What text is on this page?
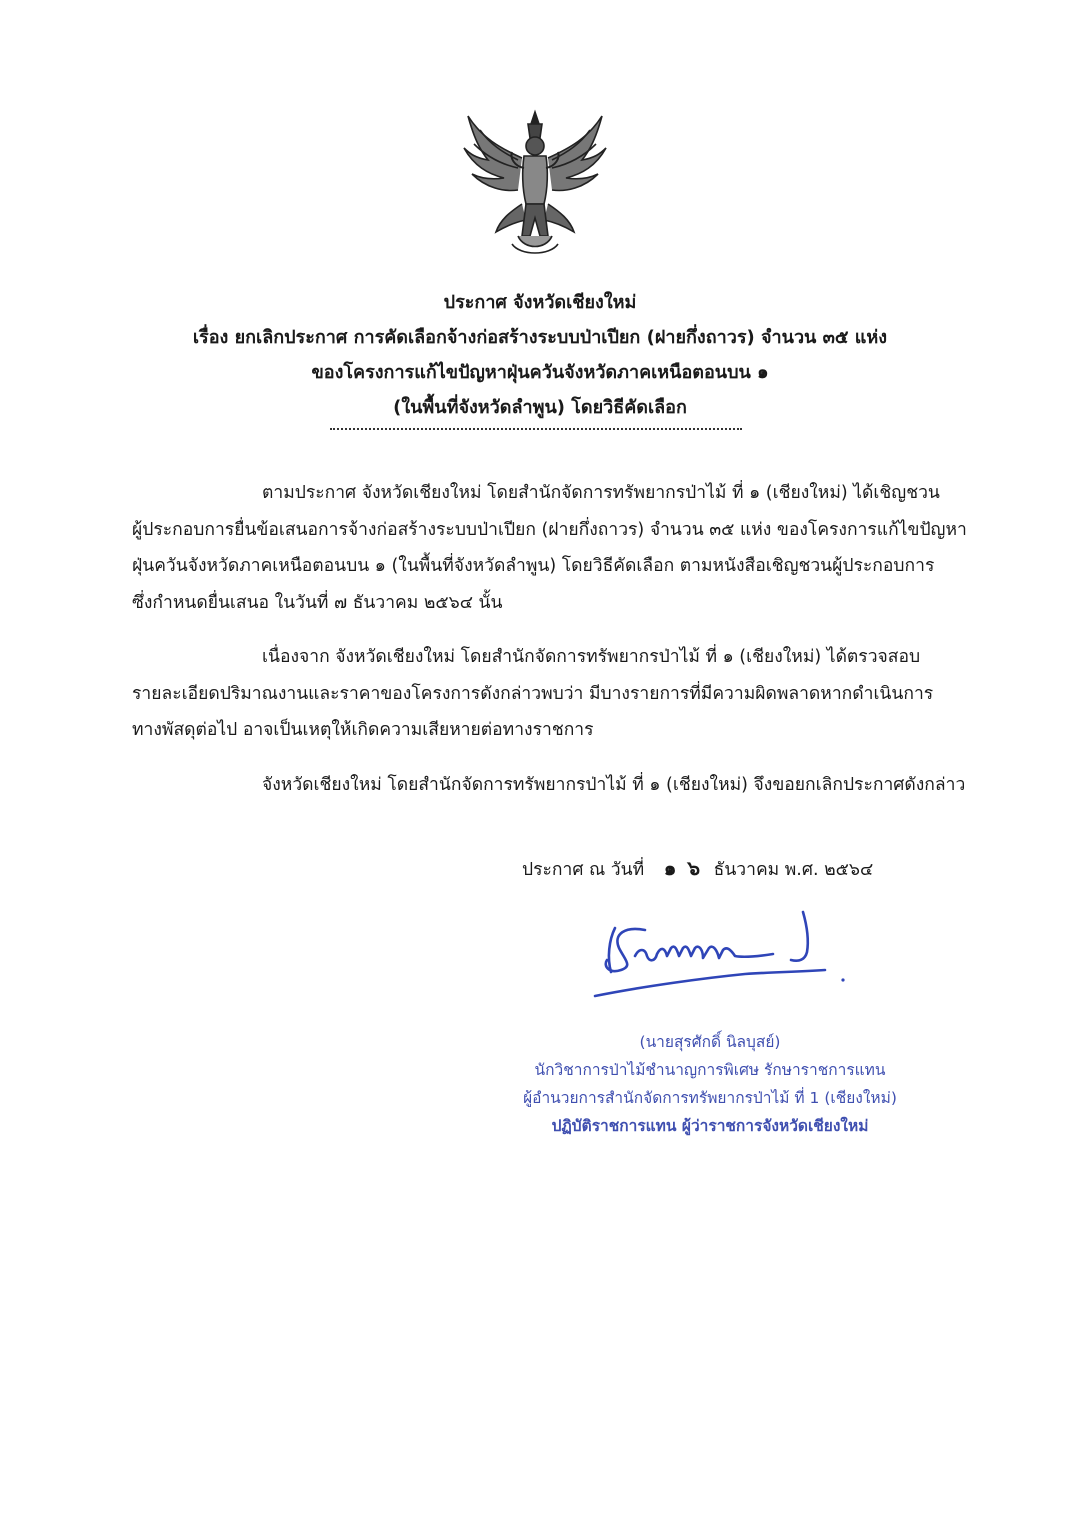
ประกาศ จังหวัดเชียงใหม่
เรื่อง ยกเลิกประกาศ การคัดเลือกจ้างก่อสร้างระบบป่าเปียก (ฝายกึ่งถาวร) จำนวน ๓๕ แห่ง
ของโครงการแก้ไขปัญหาฝุ่นควันจังหวัดภาคเหนือตอนบน ๑
(ในพื้นที่จังหวัดลำพูน) โดยวิธีคัดเลือก
ตามประกาศ จังหวัดเชียงใหม่ โดยสำนักจัดการทรัพยากรป่าไม้ ที่ ๑ (เชียงใหม่) ได้เชิญชวน
ผู้ประกอบการยื่นข้อเสนอการจ้างก่อสร้างระบบป่าเปียก (ฝายกึ่งถาวร) จำนวน ๓๕ แห่ง ของโครงการแก้ไขปัญหา
ฝุ่นควันจังหวัดภาคเหนือตอนบน ๑ (ในพื้นที่จังหวัดลำพูน) โดยวิธีคัดเลือก ตามหนังสือเชิญชวนผู้ประกอบการ
ซึ่งกำหนดยื่นเสนอ ในวันที่ ๗ ธันวาคม ๒๕๖๔ นั้น
เนื่องจาก จังหวัดเชียงใหม่ โดยสำนักจัดการทรัพยากรป่าไม้ ที่ ๑ (เชียงใหม่) ได้ตรวจสอบ
รายละเอียดปริมาณงานและราคาของโครงการดังกล่าวพบว่า มีบางรายการที่มีความผิดพลาดหากดำเนินการ
ทางพัสดุต่อไป อาจเป็นเหตุให้เกิดความเสียหายต่อทางราชการ
จังหวัดเชียงใหม่ โดยสำนักจัดการทรัพยากรป่าไม้ ที่ ๑ (เชียงใหม่) จึงขอยกเลิกประกาศดังกล่าว
ประกาศ ณ วันที่ ๑ ๖ ธันวาคม พ.ศ. ๒๕๖๔
(นายสุรศักดิ์ นิลบุสย์)
นักวิชาการป่าไม้ชำนาญการพิเศษ รักษาราชการแทน
ผู้อำนวยการสำนักจัดการทรัพยากรป่าไม้ ที่ 1 (เชียงใหม่)
ปฏิบัติราชการแทน ผู้ว่าราชการจังหวัดเชียงใหม่
